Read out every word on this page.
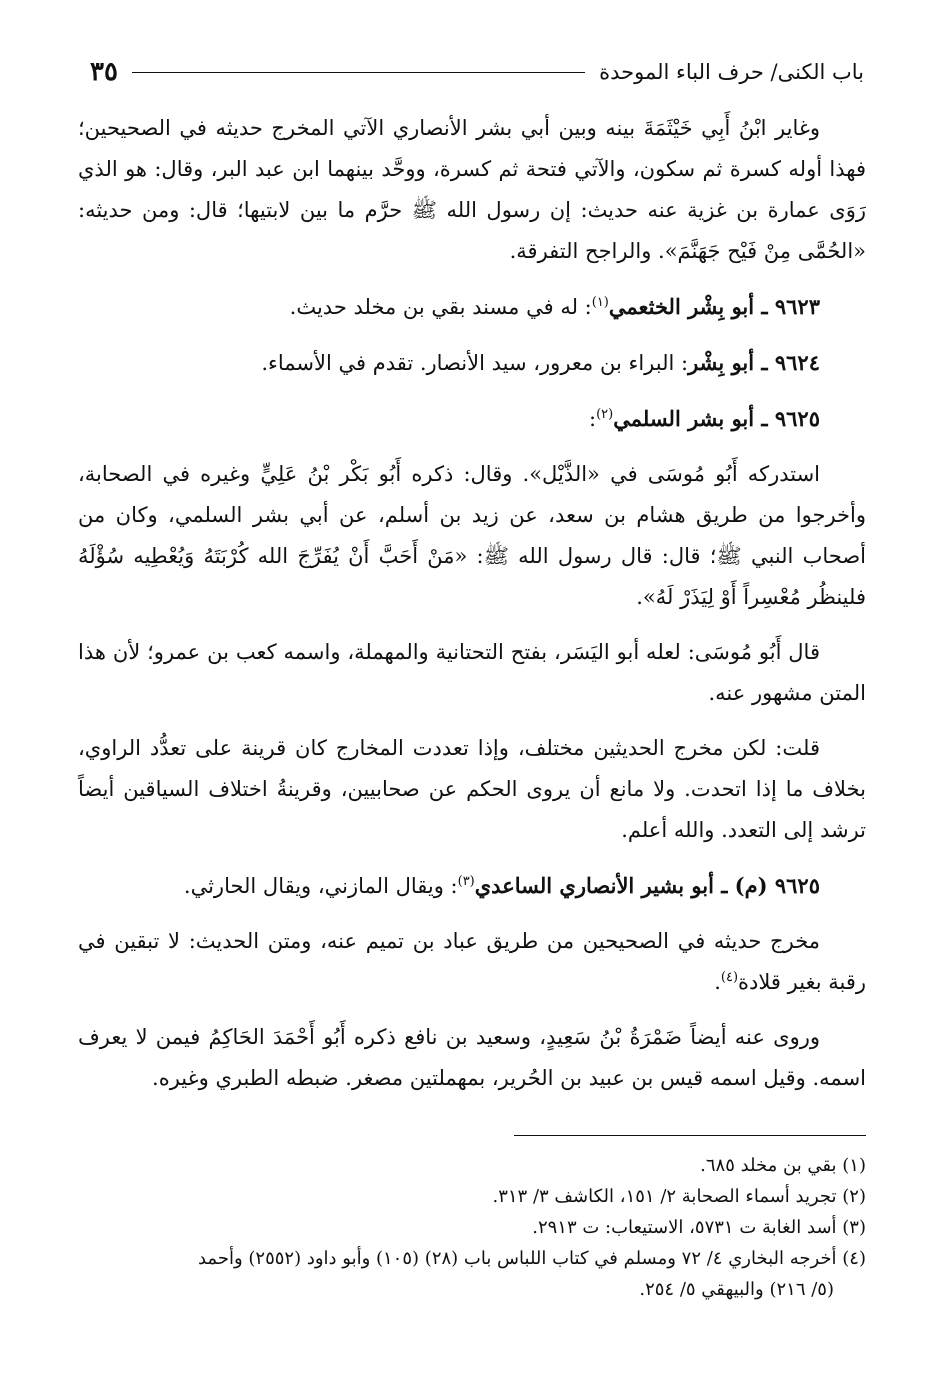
باب الكنى/ حرف الباء الموحدة
٣٥

وغاير ابْنُ أَبِي خَيْثَمَةَ بينه وبين أبي بشر الأنصاري الآتي المخرج حديثه في الصحيحين؛ فهذا أوله كسرة ثم سكون، والآتي فتحة ثم كسرة، ووحَّد بينهما ابن عبد البر، وقال: هو الذي رَوَى عمارة بن غزية عنه حديث: إن رسول الله ﷺ حرَّم ما بين لابتيها؛ قال: ومن حديثه: «الحُمَّى مِنْ فَيْح جَهَنَّمَ». والراجح التفرقة.

٩٦٢٣ ـ أبو بِشْر الخثعمي$^{(١)}$: له في مسند بقي بن مخلد حديث.

٩٦٢٤ ـ أبو بِشْر: البراء بن معرور، سيد الأنصار. تقدم في الأسماء.

٩٦٢٥ ـ أبو بشر السلمي$^{(٢)}$:

استدركه أَبُو مُوسَى في «الذَّيْل». وقال: ذكره أَبُو بَكْر بْنُ عَلِيٍّ وغيره في الصحابة، وأخرجوا من طريق هشام بن سعد، عن زيد بن أسلم، عن أبي بشر السلمي، وكان من أصحاب النبي ﷺ؛ قال: قال رسول الله ﷺ: «مَنْ أَحَبَّ أَنْ يُفَرِّجَ الله كُرْبَتَهُ وَيُعْطِيه سُؤْلَهُ فلينظُر مُعْسِراً أَوْ لِيَذَرْ لَهُ».

قال أَبُو مُوسَى: لعله أبو اليَسَر، بفتح التحتانية والمهملة، واسمه كعب بن عمرو؛ لأن هذا المتن مشهور عنه.

قلت: لكن مخرج الحديثين مختلف، وإذا تعددت المخارج كان قرينة على تعدُّد الراوي، بخلاف ما إذا اتحدت. ولا مانع أن يروى الحكم عن صحابيين، وقرينةُ اختلاف السياقين أيضاً ترشد إلى التعدد. والله أعلم.

٩٦٢٥ (م) ـ أبو بشير الأنصاري الساعدي$^{(٣)}$: ويقال المازني، ويقال الحارثي.

مخرج حديثه في الصحيحين من طريق عباد بن تميم عنه، ومتن الحديث: لا تبقين في رقبة بغير قلادة$^{(٤)}$.

وروى عنه أيضاً ضَمْرَةُ بْنُ سَعِيدٍ، وسعيد بن نافع ذكره أَبُو أَحْمَدَ الحَاكِمُ فيمن لا يعرف اسمه. وقيل اسمه قيس بن عبيد بن الحُرير، بمهملتين مصغر. ضبطه الطبري وغيره.

(١) بقي بن مخلد ٦٨٥.

(٢) تجريد أسماء الصحابة ٢/ ١٥١، الكاشف ٣/ ٣١٣.

(٣) أسد الغابة ت ٥٧٣١، الاستيعاب: ت ٢٩١٣.

(٤) أخرجه البخاري ٤/ ٧٢ ومسلم في كتاب اللباس باب (٢٨) (١٠٥) وأبو داود (٢٥٥٢) وأحمد

(٥/ ٢١٦) والبيهقي ٥/ ٢٥٤.
